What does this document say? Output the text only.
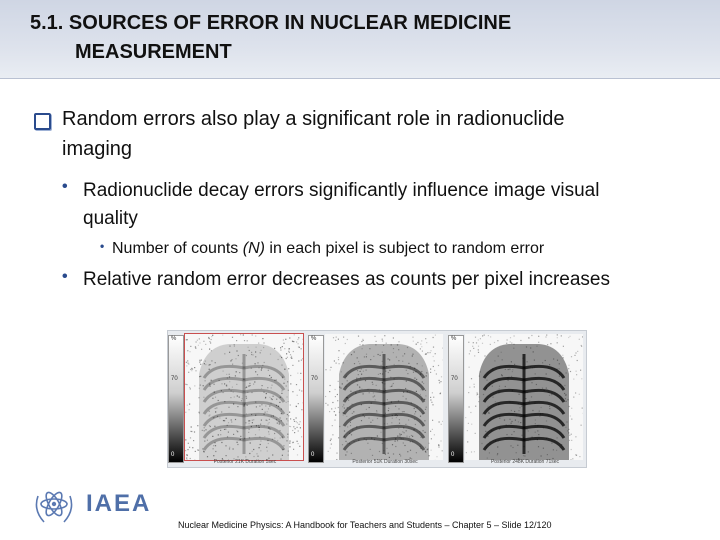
5.1. SOURCES OF ERROR IN NUCLEAR MEDICINE
MEASUREMENT
Random errors also play a significant role in radionuclide
imaging
• Radionuclide decay errors significantly influence image visual
quality
• Number of counts (N) in each pixel is subject to random error
• Relative random error decreases as counts per pixel increases
%
70
0
Posterior 21K Duration 5sec
%
70
0
Posterior 51K Duration 30sec
%
70
0
Posterior 248K Duration 71sec
IAEA
Nuclear Medicine Physics: A Handbook for Teachers and Students – Chapter 5 – Slide 12/120
